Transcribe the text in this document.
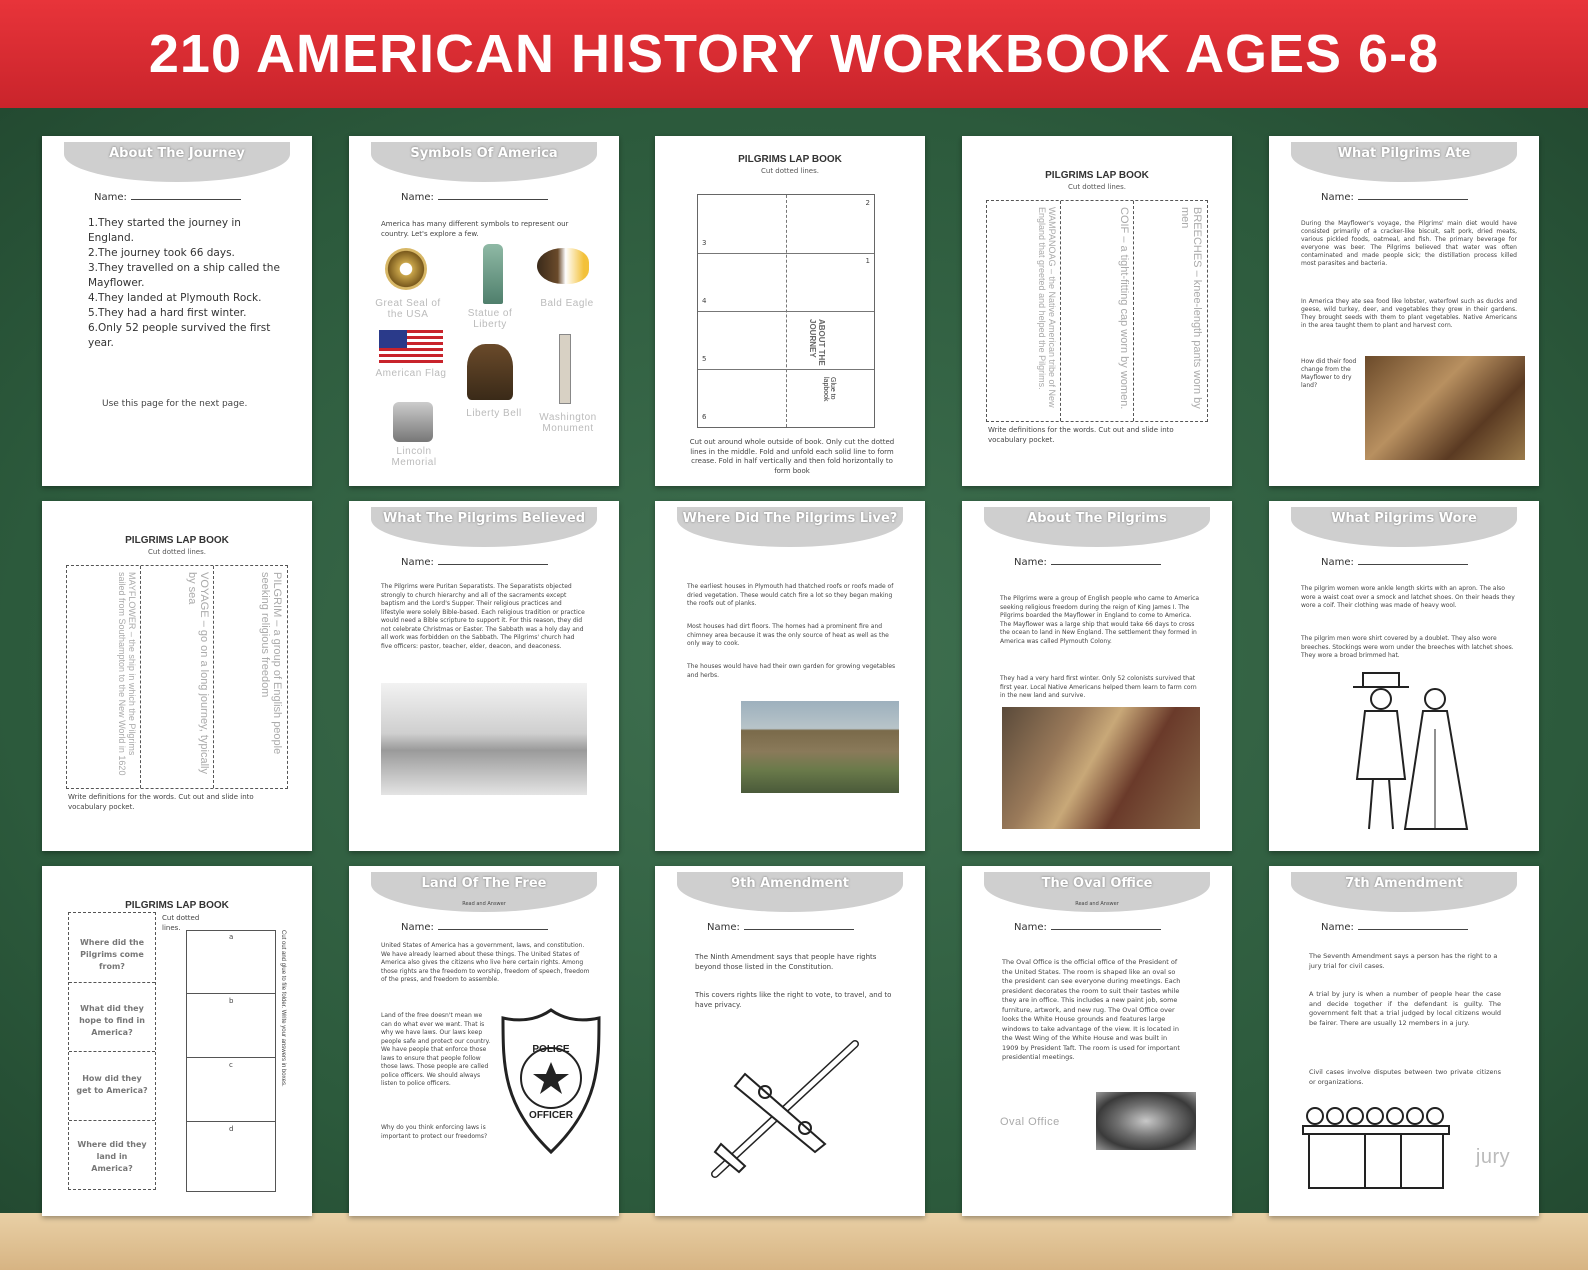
210 AMERICAN HISTORY WORKBOOK AGES 6-8
About The Journey
Name:
1.They started the journey in England.
2.The journey took 66 days.
3.They travelled on a ship called the Mayflower.
4.They landed at Plymouth Rock.
5.They had a hard first winter.
6.Only 52 people survived the first year.
Use this page for the next page.
Symbols Of America
Name:
America has many different symbols to represent our country. Let's explore a few.
Great Seal of the USA	Statue of Liberty
Bald Eagle
American Flag
Liberty Bell	Washington Monument
Lincoln Memorial
PILGRIMS LAP BOOK
Cut dotted lines.
2
1
3
4
5
6
ABOUT THE JOURNEY
Glue to lapbook
Cut out around whole outside of book. Only cut the dotted lines in the middle. Fold and unfold each solid line to form crease. Fold in half vertically and then fold horizontally to form book
PILGRIMS LAP BOOK
Cut dotted lines.
BREECHES – knee-length pants worn by men
COIF – a tight-fitting cap worn by women.
WAMPANOAG – the Native American tribe of New England that greeted and helped the Pilgrims.
Write definitions for the words. Cut out and slide into vocabulary pocket.
What Pilgrims Ate
Name:
During the Mayflower's voyage, the Pilgrims' main diet would have consisted primarily of a cracker-like biscuit, salt pork, dried meats, various pickled foods, oatmeal, and fish. The primary beverage for everyone was beer. The Pilgrims believed that water was often contaminated and made people sick; the distillation process killed most parasites and bacteria.
In America they ate sea food like lobster, waterfowl such as ducks and geese, wild turkey, deer, and vegetables they grew in their gardens. They brought seeds with them to plant vegetables. Native Americans in the area taught them to plant and harvest corn.
How did their food change from the Mayflower to dry land?
PILGRIMS LAP BOOK
Cut dotted lines.
PILGRIM – a group of English people seeking religious freedom
VOYAGE – go on a long journey, typically by sea
MAYFLOWER – the ship in which the Pilgrims sailed from Southampton to the New World in 1620
Write definitions for the words. Cut out and slide into vocabulary pocket.
What The Pilgrims Believed
Name:
The Pilgrims were Puritan Separatists. The Separatists objected strongly to church hierarchy and all of the sacraments except baptism and the Lord's Supper. Their religious practices and lifestyle were solely Bible-based. Each religious tradition or practice would need a Bible scripture to support it. For this reason, they did not celebrate Christmas or Easter. The Sabbath was a holy day and all work was forbidden on the Sabbath. The Pilgrims' church had five officers: pastor, teacher, elder, deacon, and deaconess.
Where Did The Pilgrims Live?
The earliest houses in Plymouth had thatched roofs or roofs made of dried vegetation. These would catch fire a lot so they began making the roofs out of planks.
Most houses had dirt floors. The homes had a prominent fire and chimney area because it was the only source of heat as well as the only way to cook.
The houses would have had their own garden for growing vegetables and herbs.
About The Pilgrims
Name:
The Pilgrims were a group of English people who came to America seeking religious freedom during the reign of King James I. The Pilgrims boarded the Mayflower in England to come to America. The Mayflower was a large ship that would take 66 days to cross the ocean to land in New England. The settlement they formed in America was called Plymouth Colony.
They had a very hard first winter. Only 52 colonists survived that first year. Local Native Americans helped them learn to farm corn in the new land and survive.
What Pilgrims Wore
Name:
The pilgrim women wore ankle length skirts with an apron. The also wore a waist coat over a smock and latchet shoes. On their heads they wore a coif. Their clothing was made of heavy wool.
The pilgrim men wore shirt covered by a doublet. They also wore breeches. Stockings were worn under the breeches with latchet shoes. They wore a broad brimmed hat.
PILGRIMS LAP BOOK
Cut dotted lines.
Where did the Pilgrims come from?
What did they hope to find in America?
How did they get to America?
Where did they land in America?
a
b
c
d
Cut out and glue to file folder. Write your answers in boxes.
Land Of The Free
Read and Answer
Name:
United States of America has a government, laws, and constitution. We have already learned about these things. The United States of America also gives the citizens who live here certain rights. Among those rights are the freedom to worship, freedom of speech, freedom of the press, and freedom to assemble.
Land of the free doesn't mean we can do what ever we want. That is why we have laws. Our laws keep people safe and protect our country. We have people that enforce those laws to ensure that people follow those laws. Those people are called police officers. We should always listen to police officers.
Why do you think enforcing laws is important to protect our freedoms?
POLICE
OFFICER
9th Amendment
Name:
The Ninth Amendment says that people have rights beyond those listed in the Constitution.
This covers rights like the right to vote, to travel, and to have privacy.
The Oval Office
Read and Answer
Name:
The Oval Office is the official office of the President of the United States. The room is shaped like an oval so the president can see everyone during meetings. Each president decorates the room to suit their tastes while they are in office. This includes a new paint job, some furniture, artwork, and new rug. The Oval Office over looks the White House grounds and features large windows to take advantage of the view. It is located in the West Wing of the White House and was built in 1909 by President Taft. The room is used for important presidential meetings.
Oval Office
7th Amendment
Name:
The Seventh Amendment says a person has the right to a jury trial for civil cases.
A trial by jury is when a number of people hear the case and decide together if the defendant is guilty. The government felt that a trial judged by local citizens would be fairer. There are usually 12 members in a jury.
Civil cases involve disputes between two private citizens or organizations.
jury
